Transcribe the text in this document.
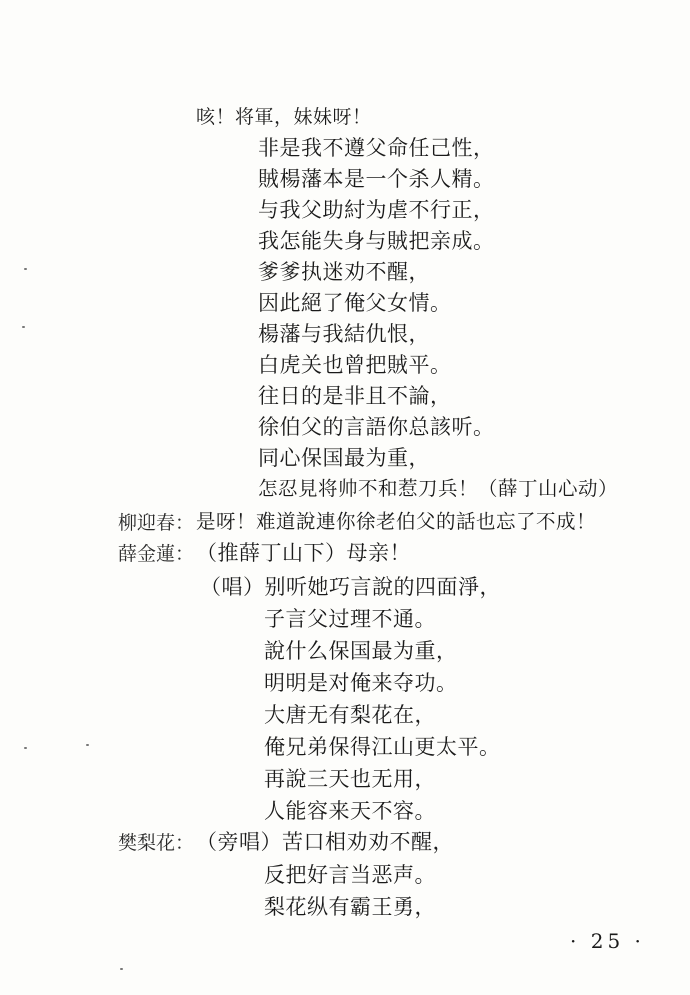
咳！将軍，妹妹呀！
非是我不遵父命任己性，
賊楊藩本是一个杀人精。
与我父助紂为虐不行正，
我怎能失身与賊把亲成。
爹爹执迷劝不醒，
因此絕了俺父女情。
楊藩与我結仇恨，
白虎关也曾把賊平。
往日的是非且不論，
徐伯父的言語你总該听。
同心保国最为重，
怎忍見将帅不和惹刀兵！（薛丁山心动）
柳迎春： 是呀！难道說連你徐老伯父的話也忘了不成！
薛金蓮： （推薛丁山下）母亲！
（唱）别听她巧言說的四面淨，
子言父过理不通。
說什么保国最为重，
明明是对俺来夺功。
大唐无有梨花在，
俺兄弟保得江山更太平。
再說三天也无用，
人能容来天不容。
樊梨花： （旁唱）苦口相劝劝不醒，
反把好言当恶声。
梨花纵有霸王勇，
· 25 ·
